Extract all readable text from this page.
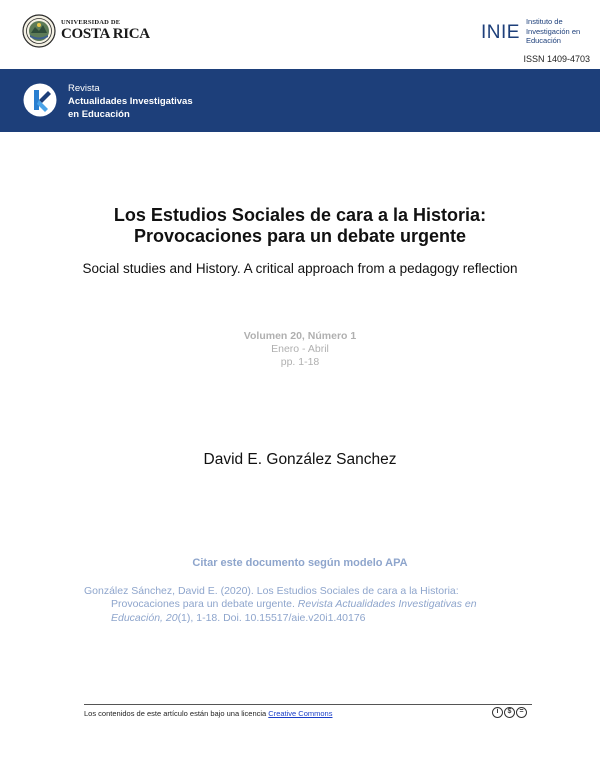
UNIVERSIDAD DE
COSTA RICA	INIE
Instituto de
Investigación en
Educación
ISSN 1409-4703
Revista
Actualidades Investigativas
en Educación
Los Estudios Sociales de cara a la Historia:
Provocaciones para un debate urgente
Social studies and History. A critical approach from a pedagogy reflection
Volumen 20, Número 1
Enero - Abril
pp. 1-18
David E. González Sanchez
Citar este documento según modelo APA
González Sánchez, David E. (2020). Los Estudios Sociales de cara a la Historia:
Provocaciones para un debate urgente. Revista Actualidades Investigativas en
Educación, 20(1), 1-18. Doi. 10.15517/aie.v20i1.40176
Los contenidos de este artículo están bajo una licencia Creative Commons	i	$	=
